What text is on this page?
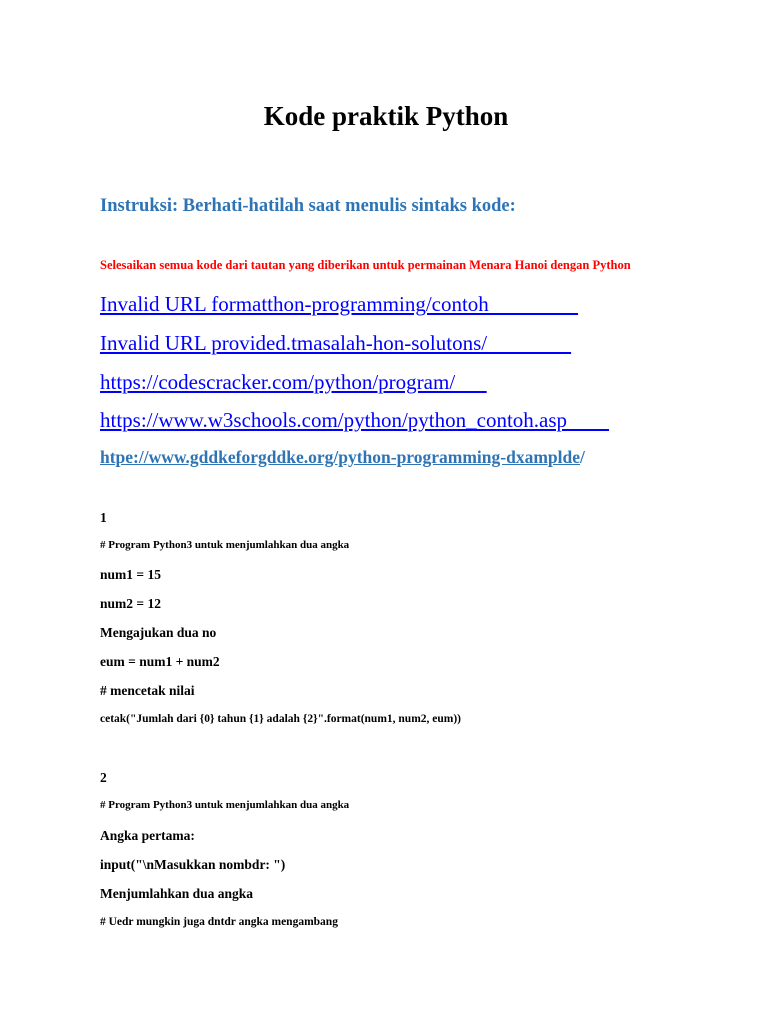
Kode praktik Python
Instruksi: Berhati-hatilah saat menulis sintaks kode:
Selesaikan semua kode dari tautan yang diberikan untuk permainan Menara Hanoi dengan Python
Invalid URL formatthon-programming/contoh
Invalid URL provided.tmasalah-hon-solutons/
https://codescracker.com/python/program/
https://www.w3schools.com/python/python_contoh.asp
htpe://www.gddkeforgddke.org/python-programming-dxamplde/
1
# Program Python3 untuk menjumlahkan dua angka
num1 = 15
num2 = 12
Mengajukan dua no
eum = num1 + num2
# mencetak nilai
cetak("Jumlah dari {0} tahun {1} adalah {2}".format(num1, num2, eum))
2
# Program Python3 untuk menjumlahkan dua angka
Angka pertama:
input("\nMasukkan nombdr: ")
Menjumlahkan dua angka
# Uedr mungkin juga dntdr angka mengambang
